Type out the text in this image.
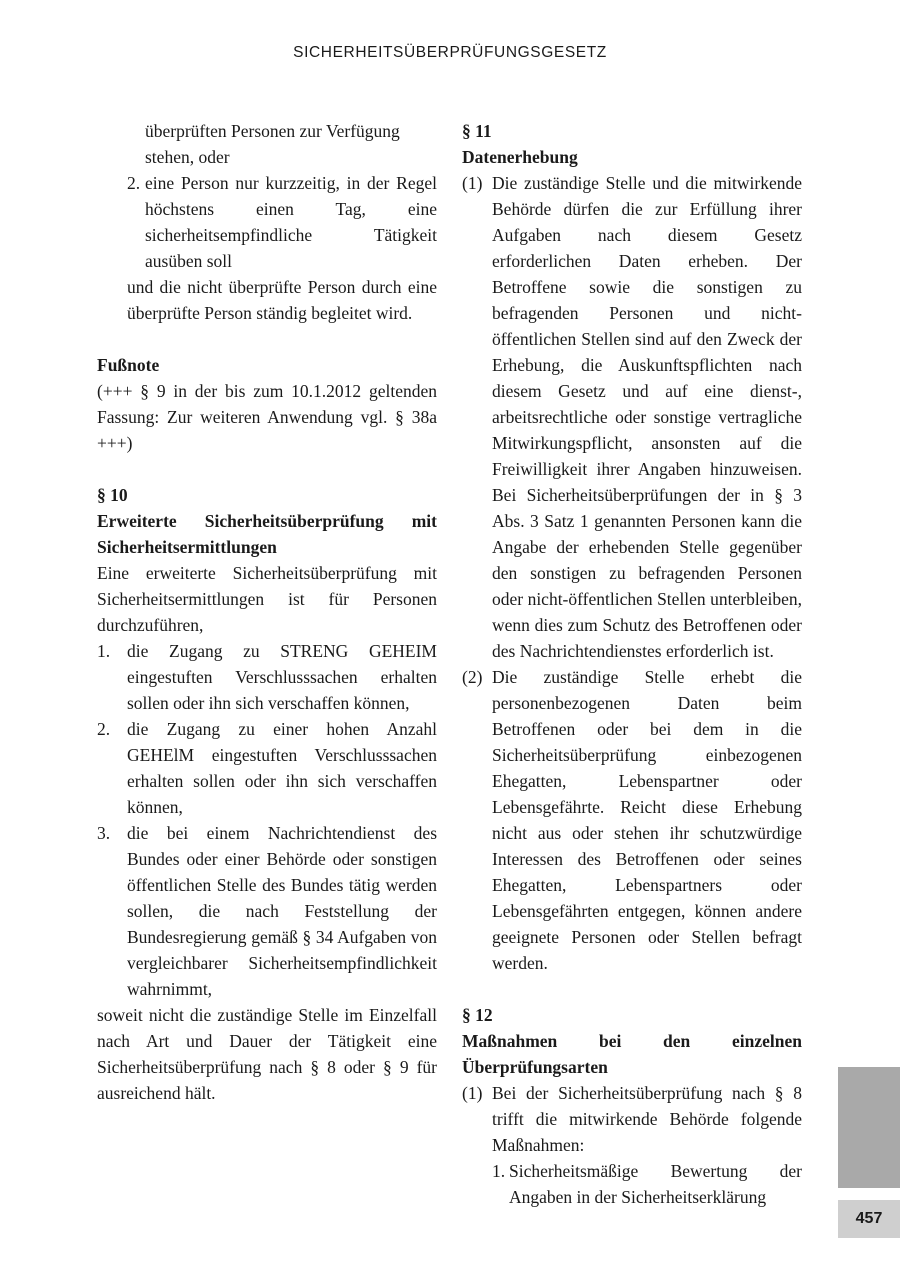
SICHERHEITSÜBERPRÜFUNGSGESETZ

überprüften Personen zur Verfügung

stehen, oder

2. eine Person nur kurzzeitig, in der Regel höchstens einen Tag, eine sicherheitsempfindliche Tätigkeit ausüben soll

und die nicht überprüfte Person durch eine überprüfte Person ständig begleitet wird.

Fußnote

(+++ § 9 in der bis zum 10.1.2012 geltenden Fassung: Zur weiteren Anwendung vgl. § 38a +++)

§ 10

Erweiterte Sicherheitsüberprüfung mit Sicherheitsermittlungen

Eine erweiterte Sicherheitsüberprüfung mit Sicherheitsermittlungen ist für Personen durchzuführen,

1. die Zugang zu STRENG GEHEIM eingestuften Verschlusssachen erhalten sollen oder ihn sich verschaffen können,
2. die Zugang zu einer hohen Anzahl GEHElM eingestuften Verschlusssachen erhalten sollen oder ihn sich verschaffen können,
3. die bei einem Nachrichtendienst des Bundes oder einer Behörde oder sonstigen öffentlichen Stelle des Bundes tätig werden sollen, die nach Feststellung der Bundesregierung gemäß § 34 Aufgaben von vergleichbarer Sicherheitsempfindlichkeit wahrnimmt,

soweit nicht die zuständige Stelle im Einzelfall nach Art und Dauer der Tätigkeit eine Sicherheitsüberprüfung nach § 8 oder § 9 für ausreichend hält.

§ 11

Datenerhebung

(1) Die zuständige Stelle und die mitwirkende Behörde dürfen die zur Erfüllung ihrer Aufgaben nach diesem Gesetz erforderlichen Daten erheben. Der Betroffene sowie die sonstigen zu befragenden Personen und nicht-öffentlichen Stellen sind auf den Zweck der Erhebung, die Auskunftspflichten nach diesem Gesetz und auf eine dienst-, arbeitsrechtliche oder sonstige vertragliche Mitwirkungspflicht, ansonsten auf die Freiwilligkeit ihrer Angaben hinzuweisen. Bei Sicherheitsüberprüfungen der in § 3 Abs. 3 Satz 1 genannten Personen kann die Angabe der erhebenden Stelle gegenüber den sonstigen zu befragenden Personen oder nicht-öffentlichen Stellen unterbleiben, wenn dies zum Schutz des Betroffenen oder des Nachrichtendienstes erforderlich ist.
(2) Die zuständige Stelle erhebt die personenbezogenen Daten beim Betroffenen oder bei dem in die Sicherheitsüberprüfung einbezogenen Ehegatten, Lebenspartner oder Lebensgefährte. Reicht diese Erhebung nicht aus oder stehen ihr schutzwürdige Interessen des Betroffenen oder seines Ehegatten, Lebenspartners oder Lebensgefährten entgegen, können andere geeignete Personen oder Stellen befragt werden.

§ 12

Maßnahmen bei den einzelnen Überprüfungsarten

(1) Bei der Sicherheitsüberprüfung nach § 8 trifft die mitwirkende Behörde folgende Maßnahmen:
1. Sicherheitsmäßige Bewertung der Angaben in der Sicherheitserklärung
457
